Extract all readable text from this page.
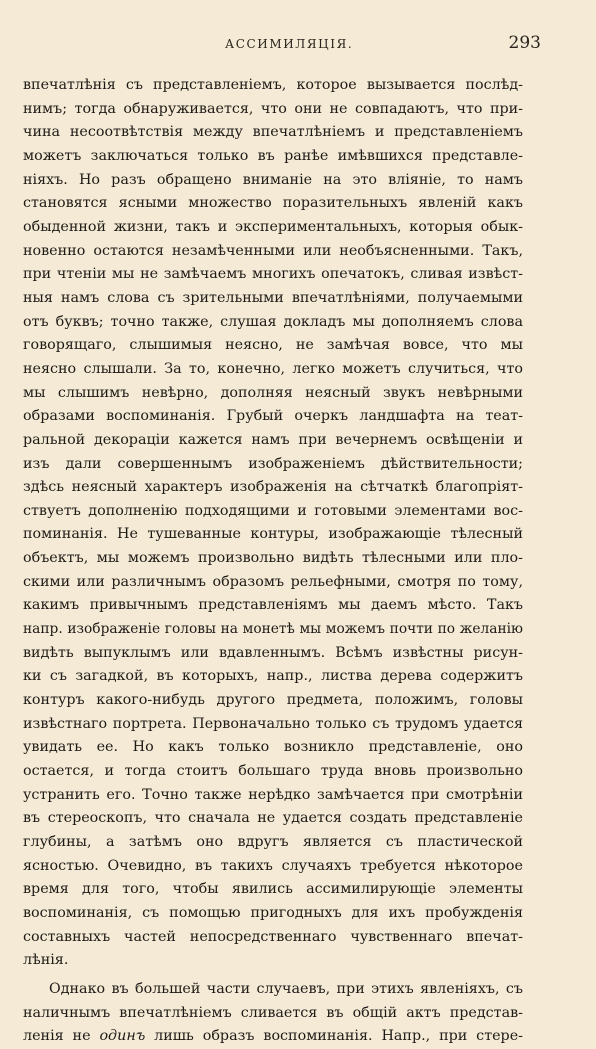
АССИМИЛЯЦІЯ.	293
впечатлѣнія съ представленіемъ, которое вызывается послѣд-
нимъ; тогда обнаруживается, что они не совпадаютъ, что при-
чина несоотвѣтствія между впечатлѣніемъ и представленіемъ
можетъ заключаться только въ ранѣе имѣвшихся представле-
ніяхъ. Но разъ обращено вниманіе на это вліяніе, то намъ
становятся ясными множество поразительныхъ явленій какъ
обыденной жизни, такъ и экспериментальныхъ, которыя обык-
новенно остаются незамѣченными или необъясненными. Такъ,
при чтеніи мы не замѣчаемъ многихъ опечатокъ, сливая извѣст-
ныя намъ слова съ зрительными впечатлѣніями, получаемыми
отъ буквъ; точно также, слушая докладъ мы дополняемъ слова
говорящаго, слышимыя неясно, не замѣчая вовсе, что мы
неясно слышали. За то, конечно, легко можетъ случиться, что
мы слышимъ невѣрно, дополняя неясный звукъ невѣрными
образами воспоминанія. Грубый очеркъ ландшафта на теат-
ральной декораціи кажется намъ при вечернемъ освѣщеніи и
изъ дали совершеннымъ изображеніемъ дѣйствительности;
здѣсь неясный характеръ изображенія на сѣтчаткѣ благопріят-
ствуетъ дополненію подходящими и готовыми элементами вос-
поминанія. Не тушеванные контуры, изображающіе тѣлесный
объектъ, мы можемъ произвольно видѣть тѣлесными или пло-
скими или различнымъ образомъ рельефными, смотря по тому,
какимъ привычнымъ представленіямъ мы даемъ мѣсто. Такъ
напр. изображеніе головы на монетѣ мы можемъ почти по желанію
видѣть выпуклымъ или вдавленнымъ. Всѣмъ извѣстны рисун-
ки съ загадкой, въ которыхъ, напр., листва дерева содержитъ
контуръ какого-нибудь другого предмета, положимъ, головы
извѣстнаго портрета. Первоначально только съ трудомъ удается
увидать ее. Но какъ только возникло представленіе, оно
остается, и тогда стоитъ большаго труда вновь произвольно
устранить его. Точно также нерѣдко замѣчается при смотрѣніи
въ стереоскопъ, что сначала не удается создать представленіе
глубины, а затѣмъ оно вдругъ является съ пластической
ясностью. Очевидно, въ такихъ случаяхъ требуется нѣкоторое
время для того, чтобы явились ассимилирующіе элементы
воспоминанія, съ помощью пригодныхъ для ихъ пробужденія
составныхъ частей непосредственнаго чувственнаго впечат-
лѣнія.
Однако въ большей части случаевъ, при этихъ явленіяхъ, съ
наличнымъ впечатлѣніемъ сливается въ общій актъ представ-
ленія не одинъ лишь образъ воспоминанія. Напр., при стере-
